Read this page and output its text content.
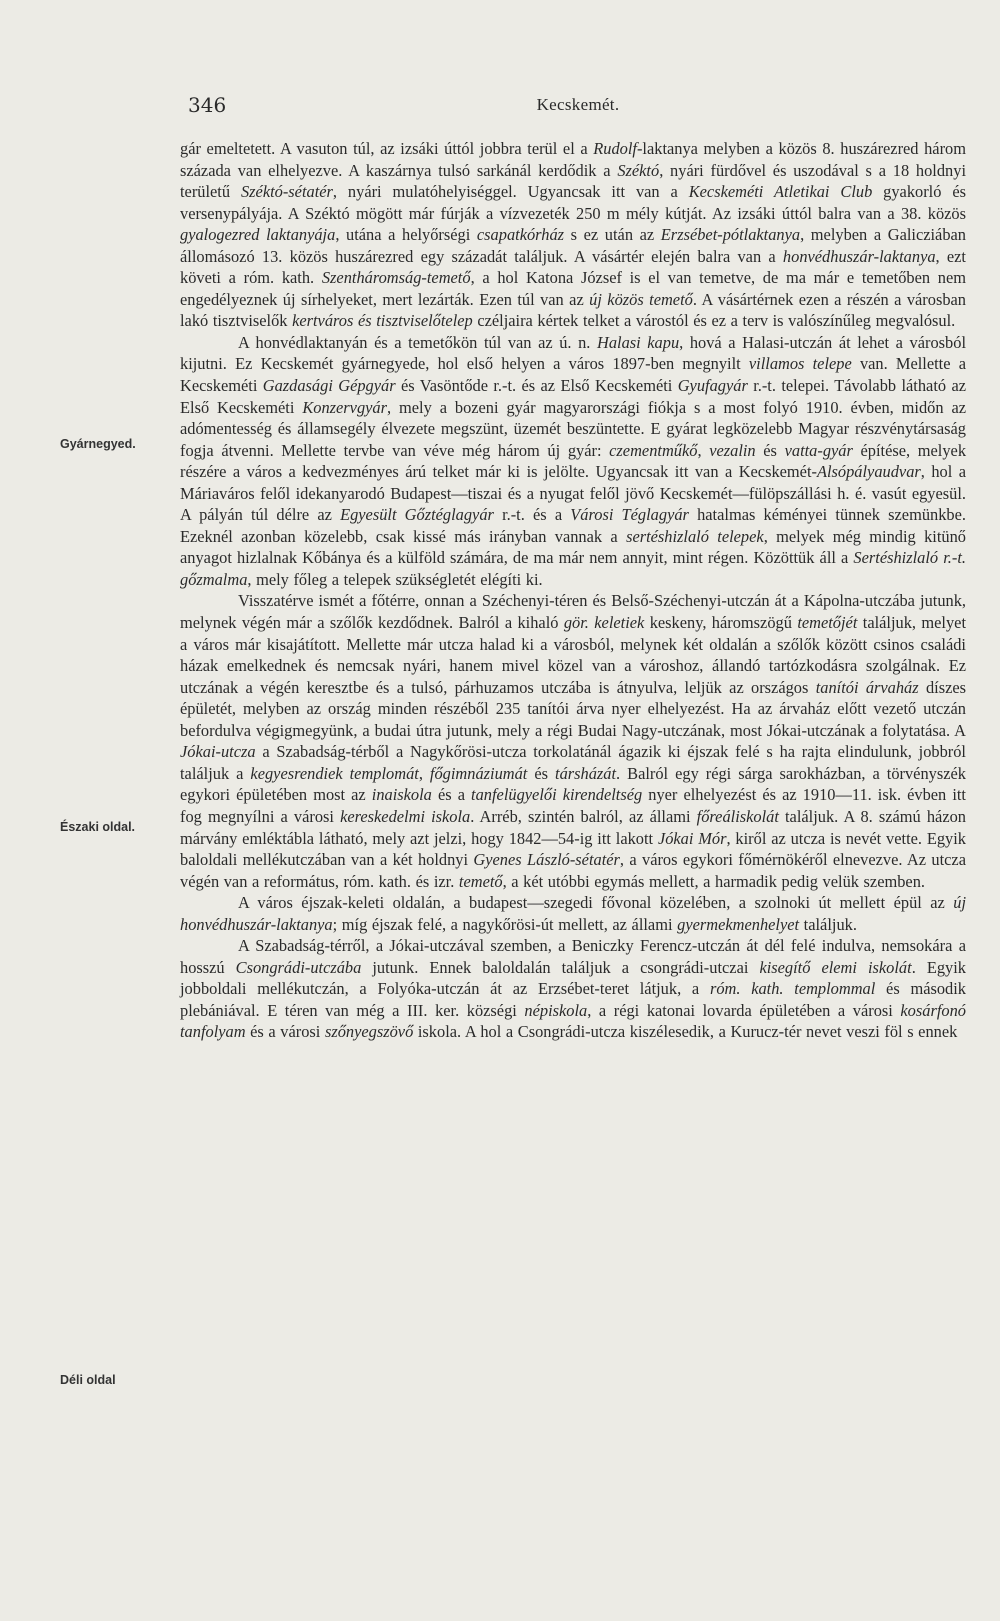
346	Kecskemét.
Gyárnegyed.
Északi oldal.
Déli oldal

gár emeltetett. A vasuton túl, az izsáki úttól jobbra terül el a Rudolf-laktanya melyben a közös 8. huszárezred három százada van elhelyezve. A kaszárnya tulsó sarkánál kerdődik a Széktó, nyári fürdővel és uszodával s a 18 holdnyi területű Széktó-sétatér, nyári mulatóhelyiséggel. Ugyancsak itt van a Kecskeméti Atletikai Club gyakorló és versenypályája. A Széktó mögött már fúrják a vízvezeték 250 m mély kútját. Az izsáki úttól balra van a 38. közös gyalogezred laktanyája, utána a helyőrségi csapatkórház s ez után az Erzsébet-pótlaktanya, melyben a Galicziában állomásozó 13. közös huszárezred egy századát találjuk. A vásártér elején balra van a honvédhuszár-laktanya, ezt követi a róm. kath. Szentháromság-temető, a hol Katona József is el van temetve, de ma már e temetőben nem engedélyeznek új sírhelyeket, mert lezárták. Ezen túl van az új közös temető. A vásártérnek ezen a részén a városban lakó tisztviselők kertváros és tisztviselőtelep czéljaira kértek telket a várostól és ez a terv is valószínűleg megvalósul.

A honvédlaktanyán és a temetőkön túl van az ú. n. Halasi kapu, hová a Halasi-utczán át lehet a városból kijutni. Ez Kecskemét gyárnegyede, hol első helyen a város 1897-ben megnyilt villamos telepe van. Mellette a Kecskeméti Gazdasági Gépgyár és Vasöntőde r.-t. és az Első Kecskeméti Gyufagyár r.-t. telepei. Távolabb látható az Első Kecskeméti Konzervgyár, mely a bozeni gyár magyarországi fiókja s a most folyó 1910. évben, midőn az adómentesség és államsegély élvezete megszünt, üzemét beszüntette. E gyárat legközelebb Magyar részvénytársaság fogja átvenni. Mellette tervbe van véve még három új gyár: czementműkő, vezalin és vatta-gyár építése, melyek részére a város a kedvezményes árú telket már ki is jelölte. Ugyancsak itt van a Kecskemét-Alsópályaudvar, hol a Máriaváros felől idekanyarodó Budapest—tiszai és a nyugat felől jövő Kecskemét—fülöpszállási h. é. vasút egyesül. A pályán túl délre az Egyesült Gőztéglagyár r.-t. és a Városi Téglagyár hatalmas kéményei tünnek szemünkbe. Ezeknél azonban közelebb, csak kissé más irányban vannak a sertéshizlaló telepek, melyek még mindig kitünő anyagot hizlalnak Kőbánya és a külföld számára, de ma már nem annyit, mint régen. Közöttük áll a Sertéshizlaló r.-t. gőzmalma, mely főleg a telepek szükségletét elégíti ki.

Visszatérve ismét a főtérre, onnan a Széchenyi-téren és Belső-Széchenyi-utczán át a Kápolna-utczába jutunk, melynek végén már a szőlők kezdődnek. Balról a kihaló gör. keletiek keskeny, háromszögű temetőjét találjuk, melyet a város már kisajátított. Mellette már utcza halad ki a városból, melynek két oldalán a szőlők között csinos családi házak emelkednek és nemcsak nyári, hanem mivel közel van a városhoz, állandó tartózkodásra szolgálnak. Ez utczának a végén keresztbe és a tulsó, párhuzamos utczába is átnyulva, leljük az országos tanítói árvaház díszes épületét, melyben az ország minden részéből 235 tanítói árva nyer elhelyezést. Ha az árvaház előtt vezető utczán befordulva végigmegyünk, a budai útra jutunk, mely a régi Budai Nagy-utczának, most Jókai-utczának a folytatása. A Jókai-utcza a Szabadság-térből a Nagykőrösi-utcza torkolatánál ágazik ki éjszak felé s ha rajta elindulunk, jobbról találjuk a kegyesrendiek templomát, főgimnáziumát és társházát. Balról egy régi sárga sarokházban, a törvényszék egykori épületében most az inaiskola és a tanfelügyelői kirendeltség nyer elhelyezést és az 1910—11. isk. évben itt fog megnyílni a városi kereskedelmi iskola. Arréb, szintén balról, az állami főreáliskolát találjuk. A 8. számú házon márvány emléktábla látható, mely azt jelzi, hogy 1842—54-ig itt lakott Jókai Mór, kiről az utcza is nevét vette. Egyik baloldali mellékutczában van a két holdnyi Gyenes László-sétatér, a város egykori főmérnökéről elnevezve. Az utcza végén van a református, róm. kath. és izr. temető, a két utóbbi egymás mellett, a harmadik pedig velük szemben.

A város éjszak-keleti oldalán, a budapest—szegedi fővonal közelében, a szolnoki út mellett épül az új honvédhuszár-laktanya; míg éjszak felé, a nagykőrösi-út mellett, az állami gyermekmenhelyet találjuk.

A Szabadság-térről, a Jókai-utczával szemben, a Beniczky Ferencz-utczán át dél felé indulva, nemsokára a hosszú Csongrádi-utczába jutunk. Ennek baloldalán találjuk a csongrádi-utczai kisegítő elemi iskolát. Egyik jobboldali mellékutczán, a Folyóka-utczán át az Erzsébet-teret látjuk, a róm. kath. templommal és második plebániával. E téren van még a III. ker. községi népiskola, a régi katonai lovarda épületében a városi kosárfonó tanfolyam és a városi szőnyegszövő iskola. A hol a Csongrádi-utcza kiszélesedik, a Kurucz-tér nevet veszi föl s ennek
